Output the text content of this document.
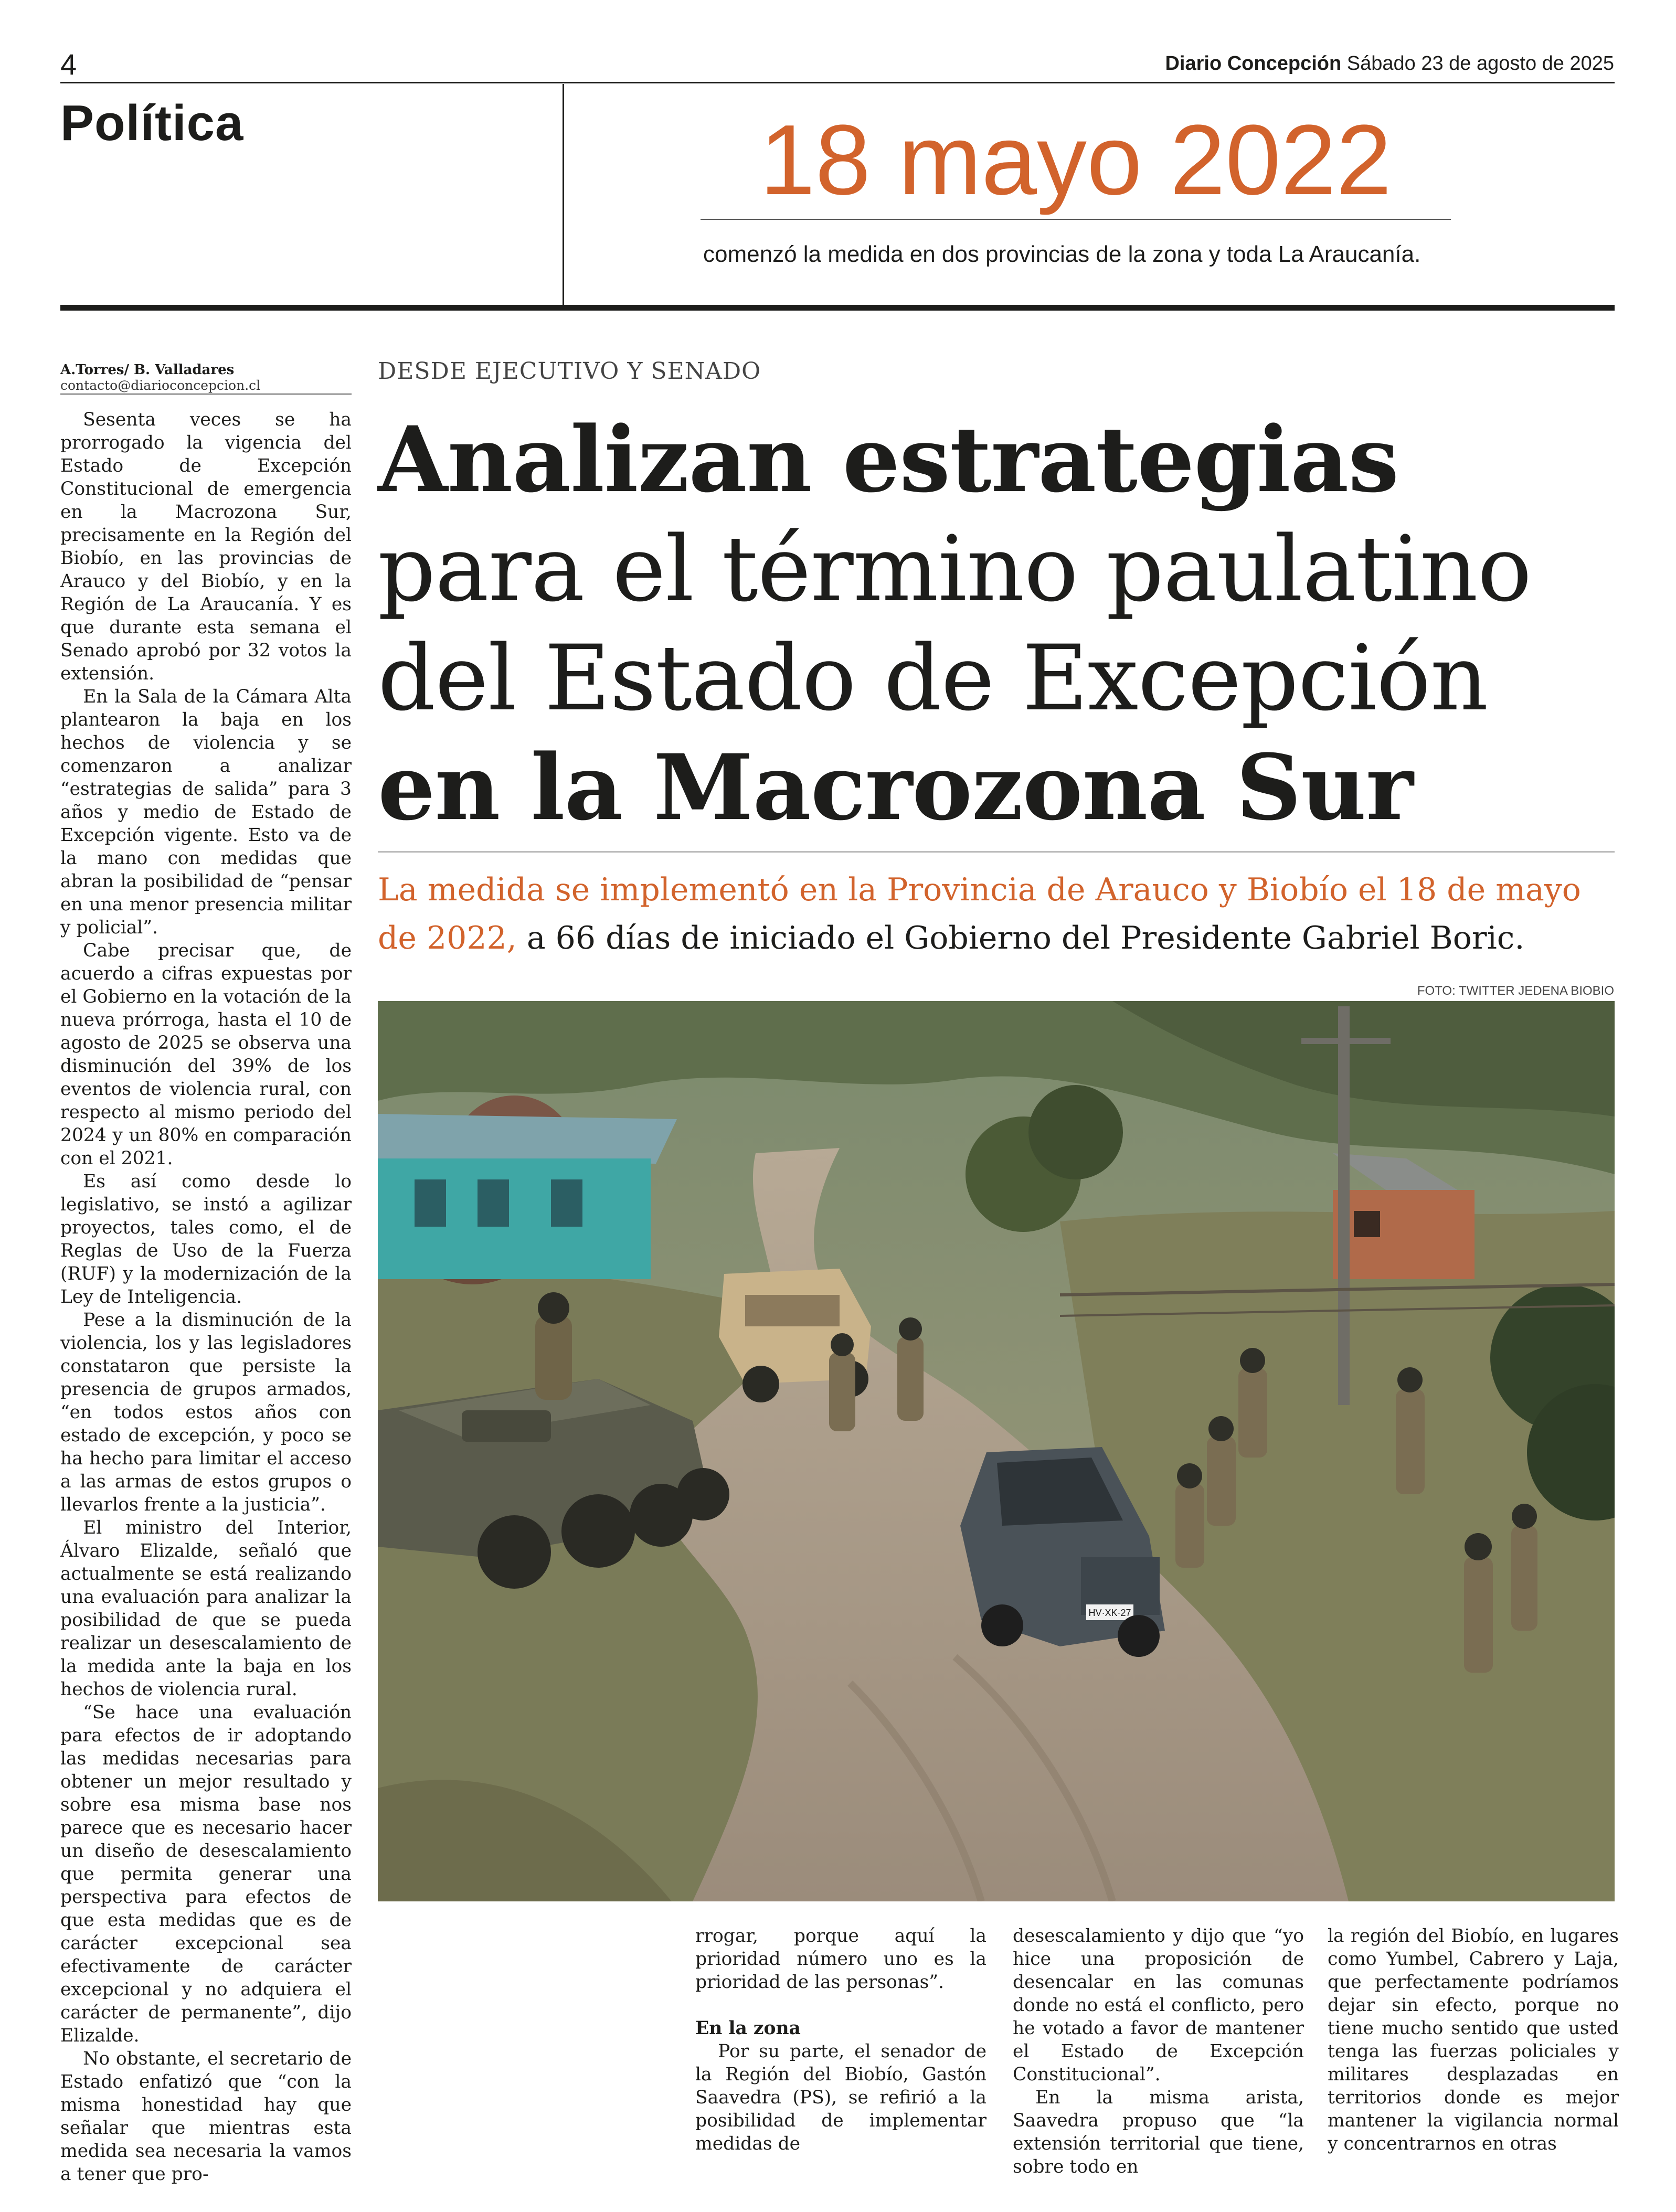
4	Diario Concepción Sábado 23 de agosto de 2025
Política	18 mayo 2022
comenzó la medida en dos provincias de la zona y toda La Araucanía.
A.Torres/ B. Valladares
contacto@diarioconcepcion.cl

Sesenta veces se ha prorrogado la vigencia del Estado de Excepción Constitucional de emergencia en la Macrozona Sur, precisamente en la Región del Biobío, en las provincias de Arauco y del Biobío, y en la Región de La Araucanía. Y es que durante esta semana el Senado aprobó por 32 votos la extensión.

En la Sala de la Cámara Alta plantearon la baja en los hechos de violencia y se comenzaron a analizar “estrategias de salida” para 3 años y medio de Estado de Excepción vigente. Esto va de la mano con medidas que abran la posibilidad de “pensar en una menor presencia militar y policial”.

Cabe precisar que, de acuerdo a cifras expuestas por el Gobierno en la votación de la nueva prórroga, hasta el 10 de agosto de 2025 se observa una disminución del 39% de los eventos de violencia rural, con respecto al mismo periodo del 2024 y un 80% en comparación con el 2021.

Es así como desde lo legislativo, se instó a agilizar proyectos, tales como, el de Reglas de Uso de la Fuerza (RUF) y la modernización de la Ley de Inteligencia.

Pese a la disminución de la violencia, los y las legisladores constataron que persiste la presencia de grupos armados, “en todos estos años con estado de excepción, y poco se ha hecho para limitar el acceso a las armas de estos grupos o llevarlos frente a la justicia”.

El ministro del Interior, Álvaro Elizalde, señaló que actualmente se está realizando una evaluación para analizar la posibilidad de que se pueda realizar un desescalamiento de la medida ante la baja en los hechos de violencia rural.

“Se hace una evaluación para efectos de ir adoptando las medidas necesarias para obtener un mejor resultado y sobre esa misma base nos parece que es necesario hacer un diseño de desescalamiento que permita generar una perspectiva para efectos de que esta medidas que es de carácter excepcional sea efectivamente de carácter excepcional y no adquiera el carácter de permanente”, dijo Elizalde.

No obstante, el secretario de Estado enfatizó que “con la misma honestidad hay que señalar que mientras esta medida sea necesaria la vamos a tener que pro-

DESDE EJECUTIVO Y SENADO
Analizan estrategias para el término paulatino del Estado de Excepción en la Macrozona Sur
La medida se implementó en la Provincia de Arauco y Biobío el 18 de mayo de 2022, a 66 días de iniciado el Gobierno del Presidente Gabriel Boric.
FOTO: TWITTER JEDENA BIOBIO
HV·XK·27

rrogar, porque aquí la prioridad número uno es la prioridad de las personas”.

En la zona

Por su parte, el senador de la Región del Biobío, Gastón Saavedra (PS), se refirió a la posibilidad de implementar medidas de

desescalamiento y dijo que “yo hice una proposición de desencalar en las comunas donde no está el conflicto, pero he votado a favor de mantener el Estado de Excepción Constitucional”.

En la misma arista, Saavedra propuso que “la extensión territorial que tiene, sobre todo en

la región del Biobío, en lugares como Yumbel, Cabrero y Laja, que perfectamente podríamos dejar sin efecto, porque no tiene mucho sentido que usted tenga las fuerzas policiales y militares desplazadas en territorios donde es mejor mantener la vigilancia normal y concentrarnos en otras
